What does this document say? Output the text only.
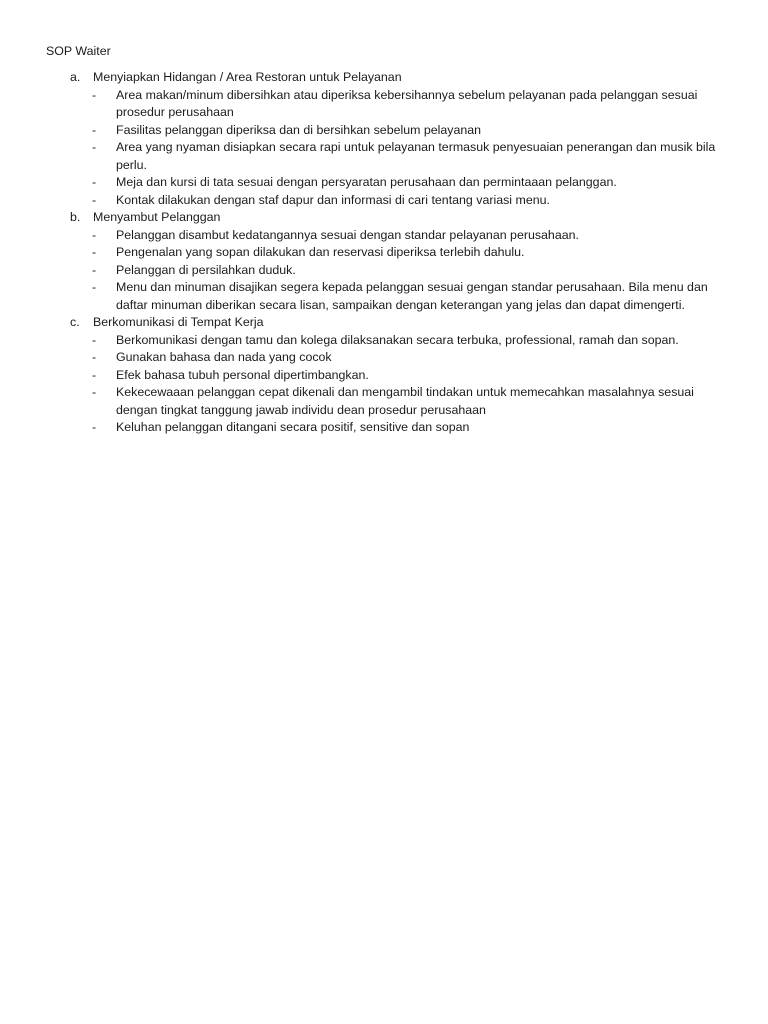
SOP Waiter
a. Menyiapkan Hidangan / Area Restoran untuk Pelayanan
- Area makan/minum dibersihkan atau diperiksa kebersihannya sebelum pelayanan pada pelanggan sesuai prosedur perusahaan
- Fasilitas pelanggan diperiksa dan di bersihkan sebelum pelayanan
- Area yang nyaman disiapkan secara rapi untuk pelayanan termasuk penyesuaian penerangan dan musik bila perlu.
- Meja dan kursi di tata sesuai dengan persyaratan perusahaan dan permintaaan pelanggan.
- Kontak dilakukan dengan staf dapur dan informasi di cari tentang variasi menu.
b. Menyambut Pelanggan
- Pelanggan disambut kedatangannya sesuai dengan standar pelayanan perusahaan.
- Pengenalan yang sopan dilakukan dan reservasi diperiksa terlebih dahulu.
- Pelanggan di persilahkan duduk.
- Menu dan minuman disajikan segera kepada pelanggan sesuai gengan standar perusahaan. Bila menu dan daftar minuman diberikan secara lisan, sampaikan dengan keterangan yang jelas dan dapat dimengerti.
c. Berkomunikasi di Tempat Kerja
- Berkomunikasi dengan tamu dan kolega dilaksanakan secara terbuka, professional, ramah dan sopan.
- Gunakan bahasa dan nada yang cocok
- Efek bahasa tubuh personal dipertimbangkan.
- Kekecewaaan pelanggan cepat dikenali dan mengambil tindakan untuk memecahkan masalahnya sesuai dengan tingkat tanggung jawab individu dean prosedur perusahaan
- Keluhan pelanggan ditangani secara positif, sensitive dan sopan
